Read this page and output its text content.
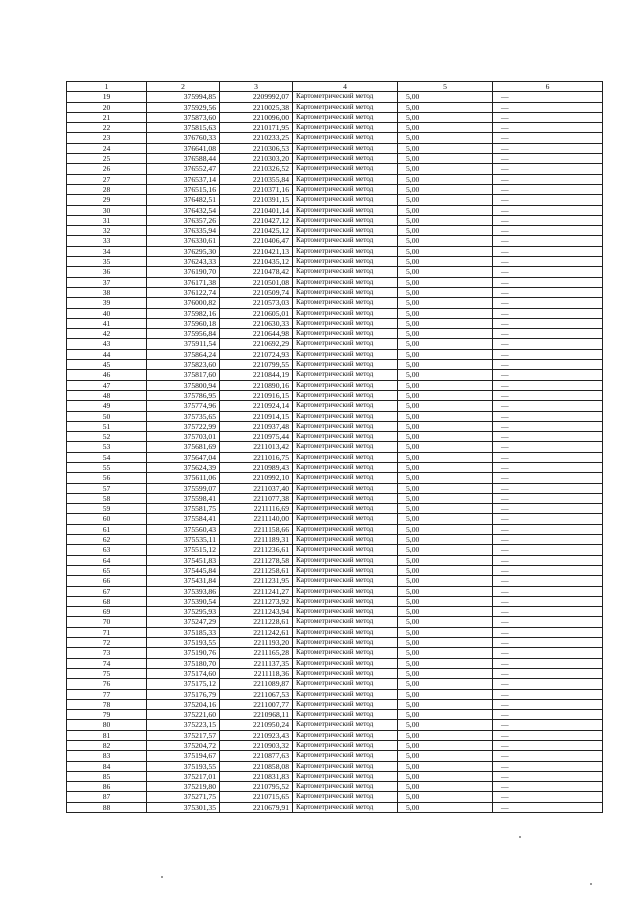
1	2	3	4	5	6
19	375994,85	2209992,07	Картометрический метод	5,00	—
20	375929,56	2210025,38	Картометрический метод	5,00	—
21	375873,60	2210096,00	Картометрический метод	5,00	—
22	375815,63	2210171,95	Картометрический метод	5,00	—
23	376760,33	2210233,25	Картометрический метод	5,00	—
24	376641,08	2210306,53	Картометрический метод	5,00	—
25	376588,44	2210303,20	Картометрический метод	5,00	—
26	376552,47	2210326,52	Картометрический метод	5,00	—
27	376537,14	2210355,84	Картометрический метод	5,00	—
28	376515,16	2210371,16	Картометрический метод	5,00	—
29	376482,51	2210391,15	Картометрический метод	5,00	—
30	376432,54	2210401,14	Картометрический метод	5,00	—
31	376357,26	2210427,12	Картометрический метод	5,00	—
32	376335,94	2210425,12	Картометрический метод	5,00	—
33	376330,61	2210406,47	Картометрический метод	5,00	—
34	376295,30	2210421,13	Картометрический метод	5,00	—
35	376243,33	2210435,12	Картометрический метод	5,00	—
36	376190,70	2210478,42	Картометрический метод	5,00	—
37	376171,38	2210501,08	Картометрический метод	5,00	—
38	376122,74	2210509,74	Картометрический метод	5,00	—
39	376000,82	2210573,03	Картометрический метод	5,00	—
40	375982,16	2210605,01	Картометрический метод	5,00	—
41	375960,18	2210630,33	Картометрический метод	5,00	—
42	375956,84	2210644,98	Картометрический метод	5,00	—
43	375911,54	2210692,29	Картометрический метод	5,00	—
44	375864,24	2210724,93	Картометрический метод	5,00	—
45	375823,60	2210799,55	Картометрический метод	5,00	—
46	375817,60	2210844,19	Картометрический метод	5,00	—
47	375800,94	2210890,16	Картометрический метод	5,00	—
48	375786,95	2210916,15	Картометрический метод	5,00	—
49	375774,96	2210924,14	Картометрический метод	5,00	—
50	375735,65	2210914,15	Картометрический метод	5,00	—
51	375722,99	2210937,48	Картометрический метод	5,00	—
52	375703,01	2210975,44	Картометрический метод	5,00	—
53	375681,69	2211013,42	Картометрический метод	5,00	—
54	375647,04	2211016,75	Картометрический метод	5,00	—
55	375624,39	2210989,43	Картометрический метод	5,00	—
56	375611,06	2210992,10	Картометрический метод	5,00	—
57	375599,07	2211037,40	Картометрический метод	5,00	—
58	375598,41	2211077,38	Картометрический метод	5,00	—
59	375581,75	2211116,69	Картометрический метод	5,00	—
60	375584,41	2211140,00	Картометрический метод	5,00	—
61	375560,43	2211158,66	Картометрический метод	5,00	—
62	375535,11	2211189,31	Картометрический метод	5,00	—
63	375515,12	2211236,61	Картометрический метод	5,00	—
64	375451,83	2211278,58	Картометрический метод	5,00	—
65	375445,84	2211258,61	Картометрический метод	5,00	—
66	375431,84	2211231,95	Картометрический метод	5,00	—
67	375393,86	2211241,27	Картометрический метод	5,00	—
68	375390,54	2211273,92	Картометрический метод	5,00	—
69	375295,93	2211243,94	Картометрический метод	5,00	—
70	375247,29	2211228,61	Картометрический метод	5,00	—
71	375185,33	2211242,61	Картометрический метод	5,00	—
72	375193,55	2211193,20	Картометрический метод	5,00	—
73	375190,76	2211165,28	Картометрический метод	5,00	—
74	375180,70	2211137,35	Картометрический метод	5,00	—
75	375174,60	2211118,36	Картометрический метод	5,00	—
76	375175,12	2211089,87	Картометрический метод	5,00	—
77	375176,79	2211067,53	Картометрический метод	5,00	—
78	375204,16	2211007,77	Картометрический метод	5,00	—
79	375221,60	2210968,11	Картометрический метод	5,00	—
80	375223,15	2210950,24	Картометрический метод	5,00	—
81	375217,57	2210923,43	Картометрический метод	5,00	—
82	375204,72	2210903,32	Картометрический метод	5,00	—
83	375194,67	2210877,63	Картометрический метод	5,00	—
84	375193,55	2210858,08	Картометрический метод	5,00	—
85	375217,01	2210831,83	Картометрический метод	5,00	—
86	375219,80	2210795,52	Картометрический метод	5,00	—
87	375271,75	2210715,65	Картометрический метод	5,00	—
88	375301,35	2210679,91	Картометрический метод	5,00	—
